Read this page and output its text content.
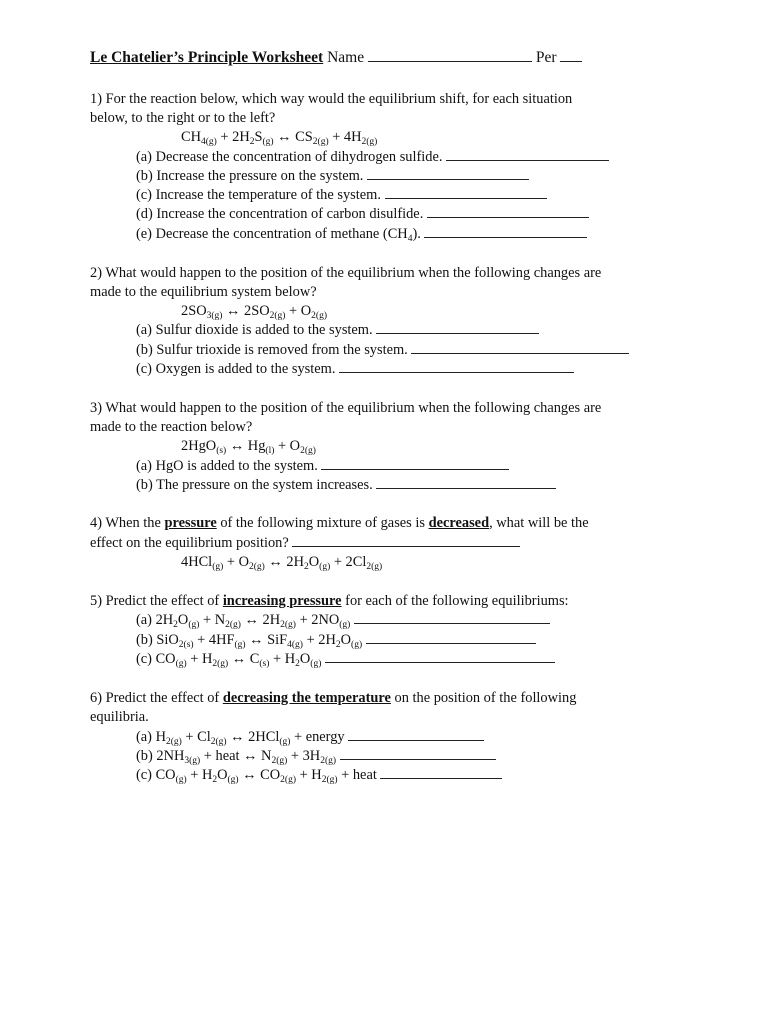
Le Chatelier’s Principle Worksheet Name	Per
1) For the reaction below, which way would the equilibrium shift, for each situation
below, to the right or to the left?
$CH_{4(g)} + 2H_2S_{(g)}$ ↔ $CS_{2(g)} + 4H_{2(g)}$
(a) Decrease the concentration of dihydrogen sulfide.
(b) Increase the pressure on the system.
(c) Increase the temperature of the system.
(d) Increase the concentration of carbon disulfide.
(e) Decrease the concentration of methane $(CH_4)$.
2) What would happen to the position of the equilibrium when the following changes are
made to the equilibrium system below?
$2SO_{3(g)}$ ↔ $2SO_{2(g)} + O_{2(g)}$
(a) Sulfur dioxide is added to the system.
(b) Sulfur trioxide is removed from the system.
(c) Oxygen is added to the system.
3) What would happen to the position of the equilibrium when the following changes are
made to the reaction below?
2HgO$_{(s)}$ ↔ $Hg_{(l)} + O_{2(g)}$
(a) HgO is added to the system.
(b) The pressure on the system increases.
4) When the pressure of the following mixture of gases is decreased, what will be the
effect on the equilibrium position?
$4HCl_{(g)} + O_{2(g)}$ ↔ $2H_2O_{(g)} + 2Cl_{2(g)}$
5) Predict the effect of increasing pressure for each of the following equilibriums:
(a) $2H_2O_{(g)} + N_{2(g)}$ ↔ $2H_{2(g)} + 2NO_{(g)}$
(b) $SiO_{2(s)} + 4HF_{(g)}$ ↔ $SiF_{4(g)} + 2H_2O_{(g)}$
(c) $CO_{(g)} + H_{2(g)}$ ↔ $C_{(s)} + H_2O_{(g)}$
6) Predict the effect of decreasing the temperature on the position of the following
equilibria.
(a) $H_{2(g)} + Cl_{2(g)}$ ↔ 2HCl$_{(g)}$ + energy
(b) $2NH_{3(g)}$ + heat ↔ $N_{2(g)} + 3H_{2(g)}$
(c) $CO_{(g)} + H_2O_{(g)}$ ↔ $CO_{2(g)} + H_{2(g)}$ + heat
